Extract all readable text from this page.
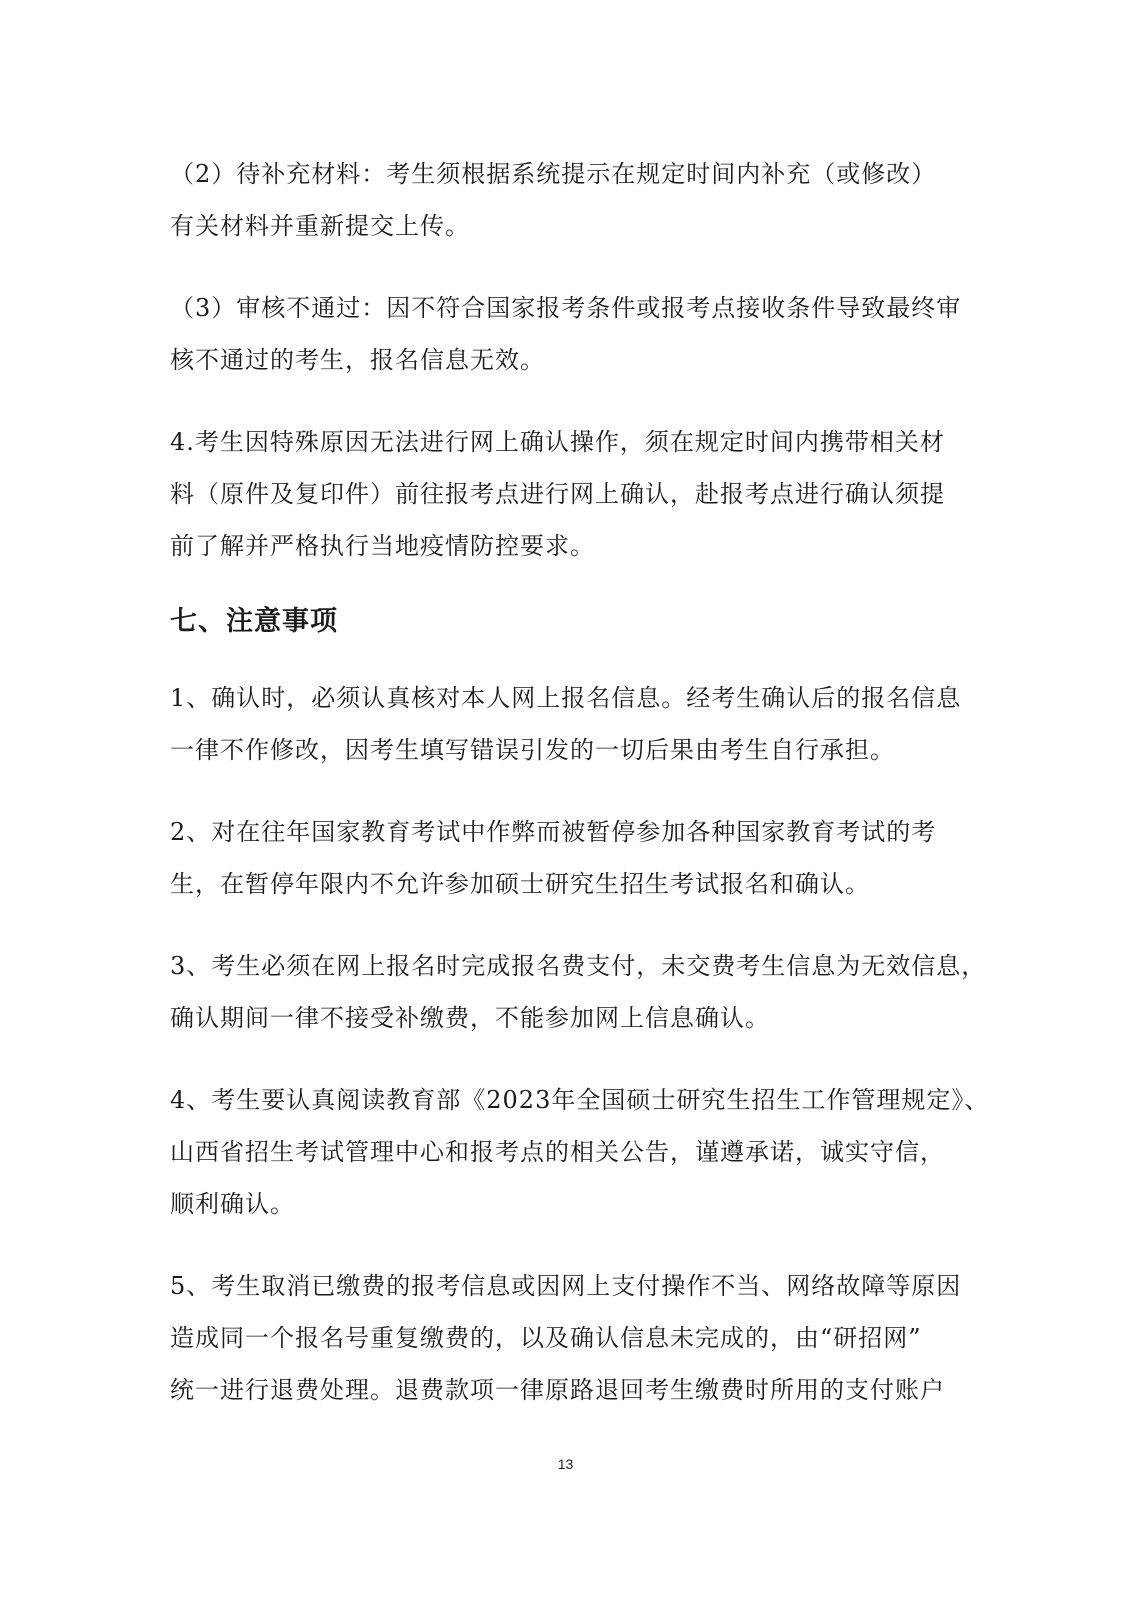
（2）待补充材料：考生须根据系统提示在规定时间内补充（或修改）
有关材料并重新提交上传。

（3）审核不通过：因不符合国家报考条件或报考点接收条件导致最终审
核不通过的考生，报名信息无效。

4.考生因特殊原因无法进行网上确认操作，须在规定时间内携带相关材
料（原件及复印件）前往报考点进行网上确认，赴报考点进行确认须提
前了解并严格执行当地疫情防控要求。

七、注意事项

1、确认时，必须认真核对本人网上报名信息。经考生确认后的报名信息
一律不作修改，因考生填写错误引发的一切后果由考生自行承担。

2、对在往年国家教育考试中作弊而被暂停参加各种国家教育考试的考
生，在暂停年限内不允许参加硕士研究生招生考试报名和确认。

3、考生必须在网上报名时完成报名费支付，未交费考生信息为无效信息，
确认期间一律不接受补缴费，不能参加网上信息确认。

4、考生要认真阅读教育部《2023年全国硕士研究生招生工作管理规定》、
山西省招生考试管理中心和报考点的相关公告，谨遵承诺，诚实守信，
顺利确认。

5、考生取消已缴费的报考信息或因网上支付操作不当、网络故障等原因
造成同一个报名号重复缴费的，以及确认信息未完成的，由“研招网”
统一进行退费处理。退费款项一律原路退回考生缴费时所用的支付账户

13
